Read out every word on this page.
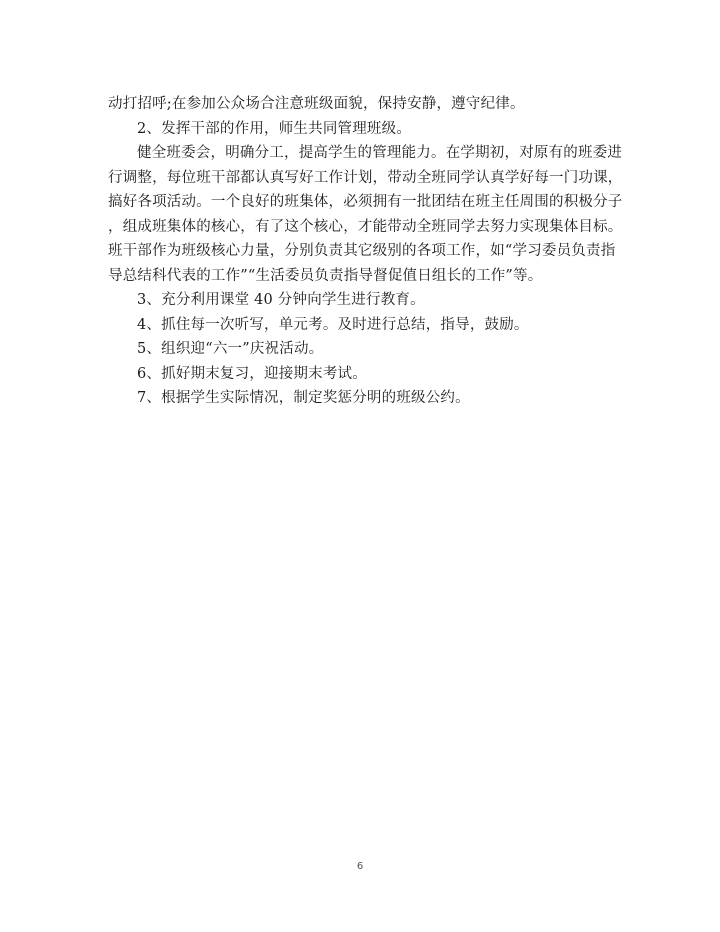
动打招呼;在参加公众场合注意班级面貌，保持安静，遵守纪律。
2、发挥干部的作用，师生共同管理班级。
健全班委会，明确分工，提高学生的管理能力。在学期初，对原有的班委进
行调整，每位班干部都认真写好工作计划，带动全班同学认真学好每一门功课，
搞好各项活动。一个良好的班集体，必须拥有一批团结在班主任周围的积极分子
，组成班集体的核心，有了这个核心，才能带动全班同学去努力实现集体目标。
班干部作为班级核心力量，分别负责其它级别的各项工作，如“学习委员负责指
导总结科代表的工作”“生活委员负责指导督促值日组长的工作”等。
3、充分利用课堂 40 分钟向学生进行教育。
4、抓住每一次听写，单元考。及时进行总结，指导，鼓励。
5、组织迎“六一”庆祝活动。
6、抓好期末复习，迎接期末考试。
7、根据学生实际情况，制定奖惩分明的班级公约。
6
